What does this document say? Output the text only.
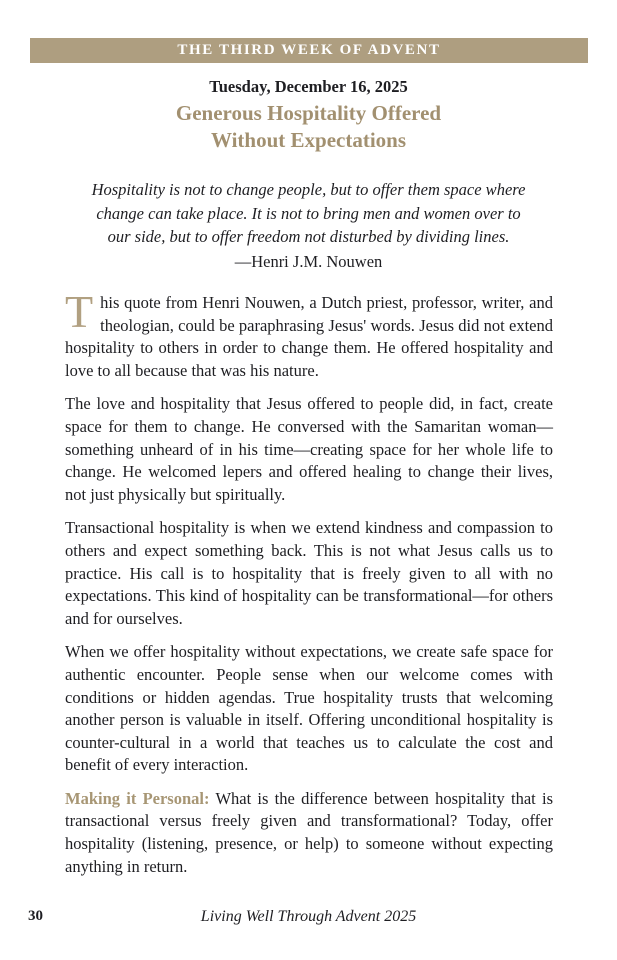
THE THIRD WEEK OF ADVENT
Tuesday, December 16, 2025
Generous Hospitality Offered
Without Expectations
Hospitality is not to change people, but to offer them space where
change can take place. It is not to bring men and women over to
our side, but to offer freedom not disturbed by dividing lines.
—Henri J.M. Nouwen

This quote from Henri Nouwen, a Dutch priest, professor, writer, and theologian, could be paraphrasing Jesus' words. Jesus did not extend hospitality to others in order to change them. He offered hospitality and love to all because that was his nature.

The love and hospitality that Jesus offered to people did, in fact, create space for them to change. He conversed with the Samaritan woman—something unheard of in his time—creating space for her whole life to change. He welcomed lepers and offered healing to change their lives, not just physically but spiritually.

Transactional hospitality is when we extend kindness and compassion to others and expect something back. This is not what Jesus calls us to practice. His call is to hospitality that is freely given to all with no expectations. This kind of hospitality can be transformational—for others and for ourselves.

When we offer hospitality without expectations, we create safe space for authentic encounter. People sense when our welcome comes with conditions or hidden agendas. True hospitality trusts that welcoming another person is valuable in itself. Offering unconditional hospitality is counter-cultural in a world that teaches us to calculate the cost and benefit of every interaction.

Making it Personal: What is the difference between hospitality that is transactional versus freely given and transformational? Today, offer hospitality (listening, presence, or help) to someone without expecting anything in return.

30	Living Well Through Advent 2025
